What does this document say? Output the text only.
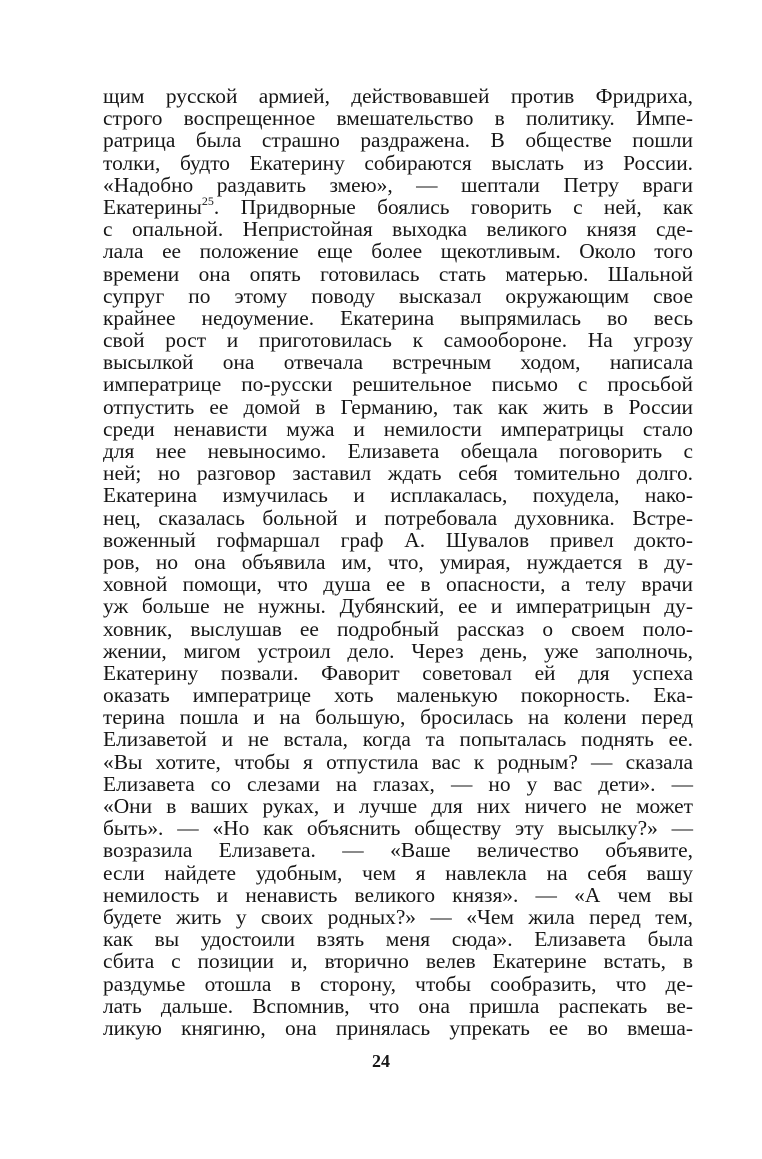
щим русской армией, действовавшей против Фридриха,
строго воспрещенное вмешательство в политику. Импе-
ратрица была страшно раздражена. В обществе пошли
толки, будто Екатерину собираются выслать из России.
«Надобно раздавить змею», — шептали Петру враги
Екатерины$^{25}$. Придворные боялись говорить с ней, как
с опальной. Непристойная выходка великого князя сде-
лала ее положение еще более щекотливым. Около того
времени она опять готовилась стать матерью. Шальной
супруг по этому поводу высказал окружающим свое
крайнее недоумение. Екатерина выпрямилась во весь
свой рост и приготовилась к самообороне. На угрозу
высылкой она отвечала встречным ходом, написала
императрице по-русски решительное письмо с просьбой
отпустить ее домой в Германию, так как жить в России
среди ненависти мужа и немилости императрицы стало
для нее невыносимо. Елизавета обещала поговорить с
ней; но разговор заставил ждать себя томительно долго.
Екатерина измучилась и исплакалась, похудела, нако-
нец, сказалась больной и потребовала духовника. Встре-
воженный гофмаршал граф А. Шувалов привел докто-
ров, но она объявила им, что, умирая, нуждается в ду-
ховной помощи, что душа ее в опасности, а телу врачи
уж больше не нужны. Дубянский, ее и императрицын ду-
ховник, выслушав ее подробный рассказ о своем поло-
жении, мигом устроил дело. Через день, уже заполночь,
Екатерину позвали. Фаворит советовал ей для успеха
оказать императрице хоть маленькую покорность. Ека-
терина пошла и на большую, бросилась на колени перед
Елизаветой и не встала, когда та попыталась поднять ее.
«Вы хотите, чтобы я отпустила вас к родным? — сказала
Елизавета со слезами на глазах, — но у вас дети». —
«Они в ваших руках, и лучше для них ничего не может
быть». — «Но как объяснить обществу эту высылку?» —
возразила Елизавета. — «Ваше величество объявите,
если найдете удобным, чем я навлекла на себя вашу
немилость и ненависть великого князя». — «А чем вы
будете жить у своих родных?» — «Чем жила перед тем,
как вы удостоили взять меня сюда». Елизавета была
сбита с позиции и, вторично велев Екатерине встать, в
раздумье отошла в сторону, чтобы сообразить, что де-
лать дальше. Вспомнив, что она пришла распекать ве-
ликую княгиню, она принялась упрекать ее во вмеша-
24
